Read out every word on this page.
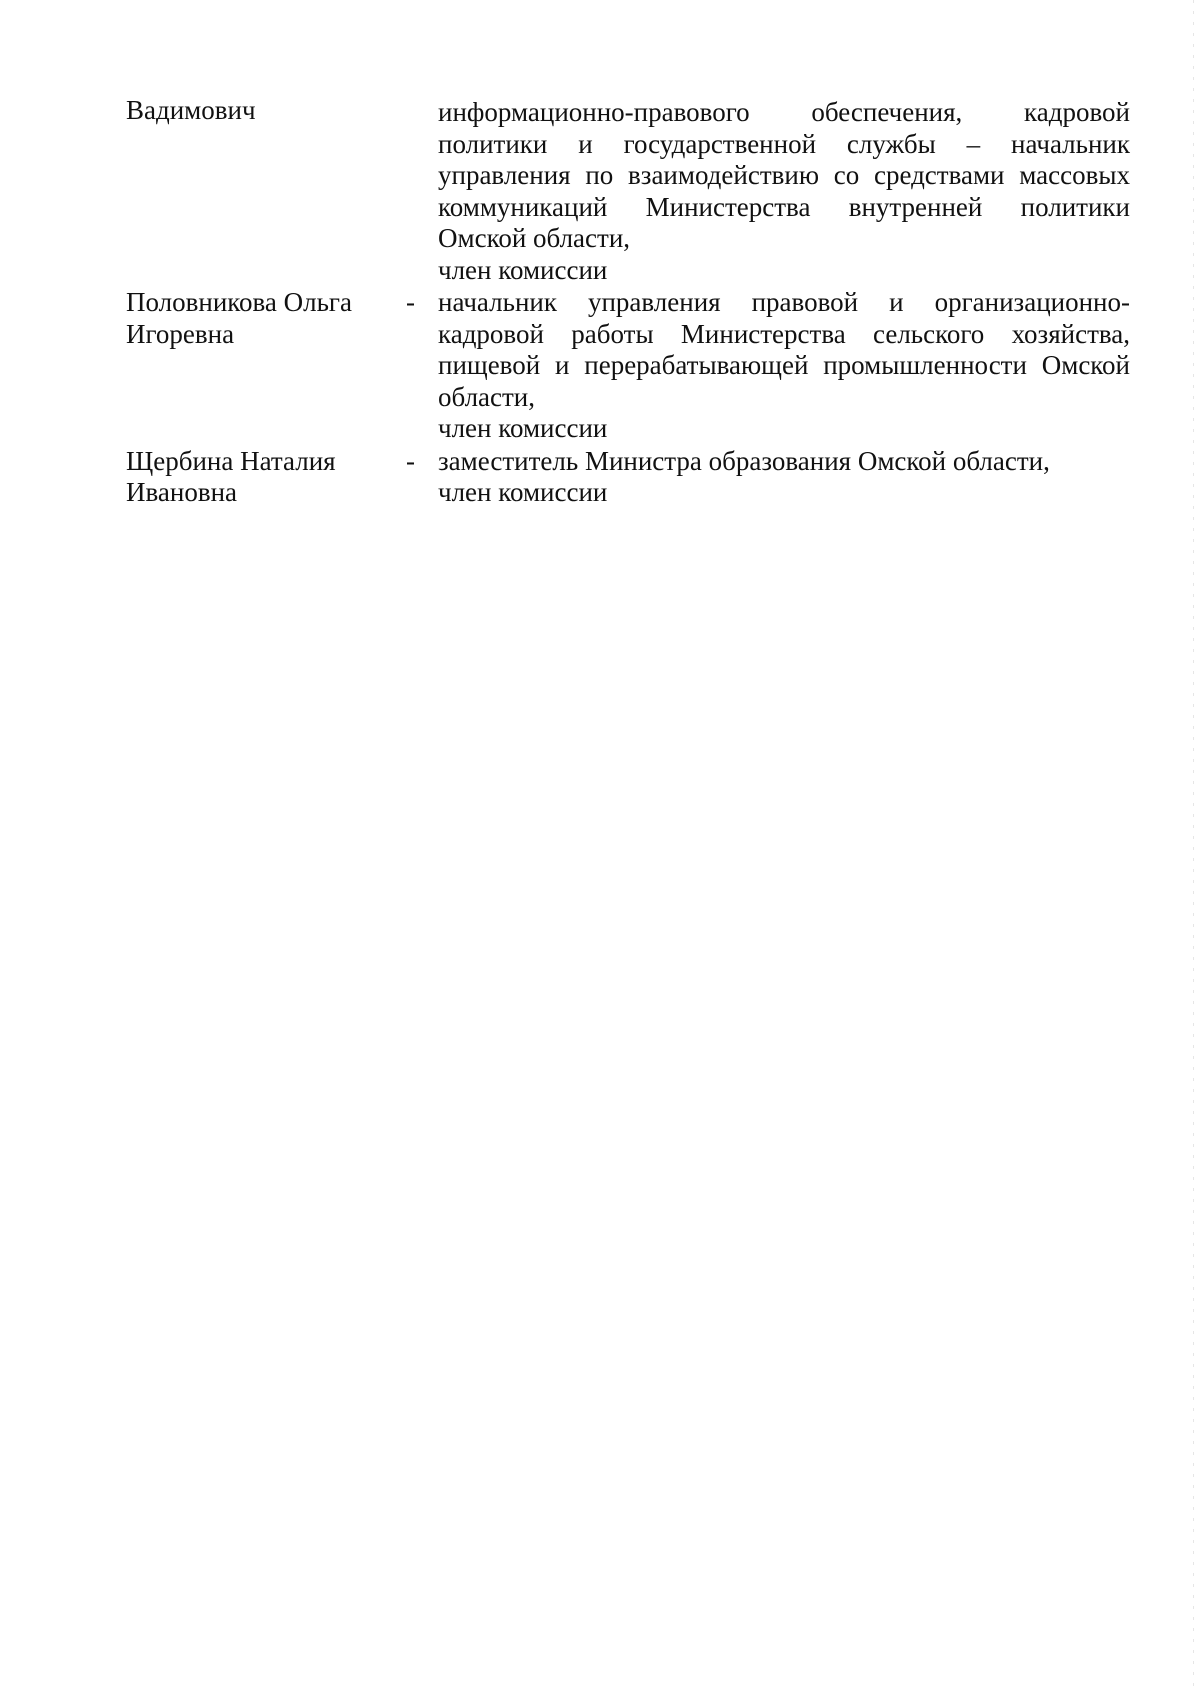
Вадимович	информационно-правового обеспечения, кадровой политики и государственной службы – начальник управления по взаимодействию со средствами массовых коммуникаций Министерства внутренней политики Омской области,

член комиссии

Половникова Ольга Игоревна
- начальник управления правовой и организационно-кадровой работы Министерства сельского хозяйства, пищевой и перерабатывающей промышленности Омской области,

член комиссии

Щербина Наталия Ивановна
- заместитель Министра образования Омской области,

член комиссии
